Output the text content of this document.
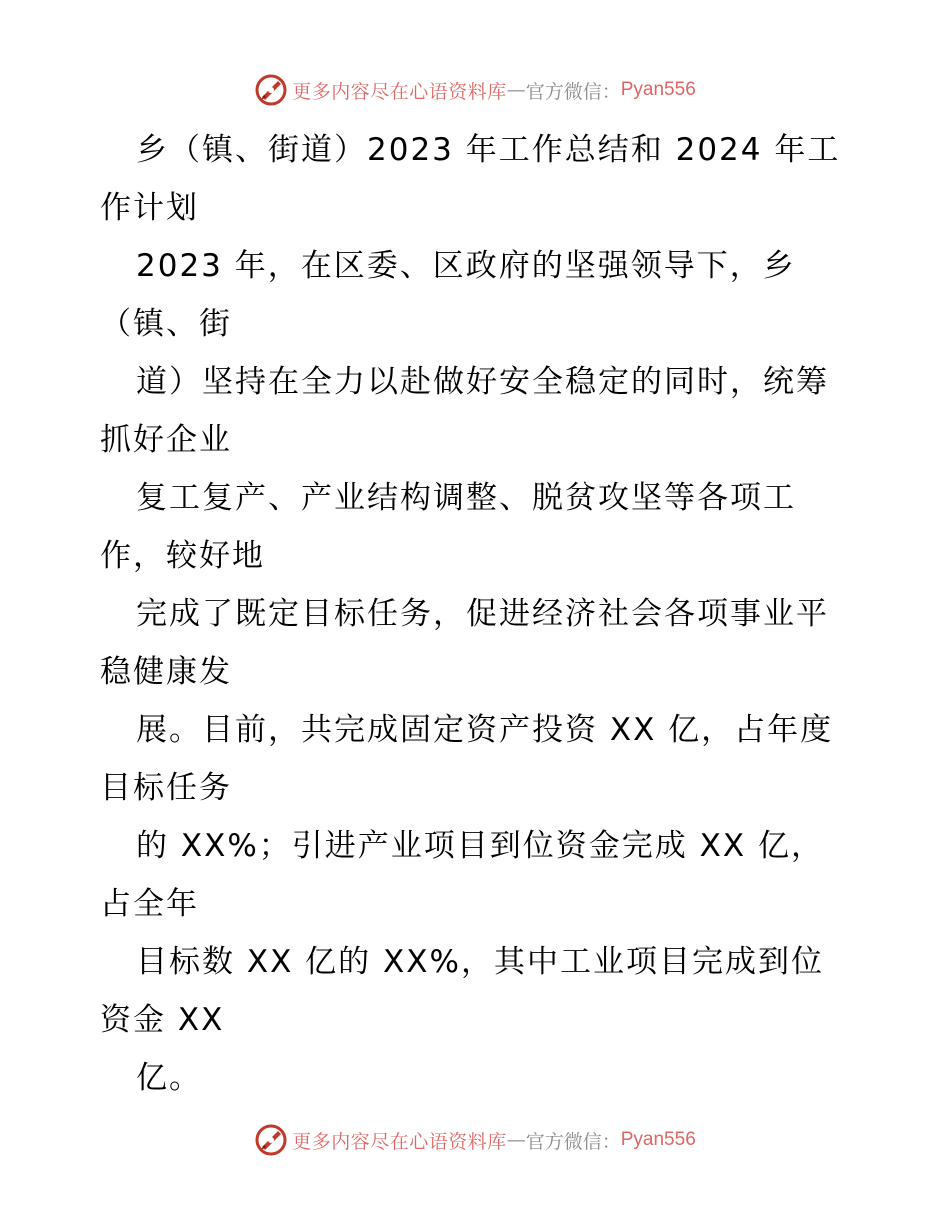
更多内容尽在心语资料库 — 官方微信： Pyan556
乡（镇、街道）2023 年工作总结和 2024 年工
作计划
2023 年，在区委、区政府的坚强领导下，乡
（镇、街
道）坚持在全力以赴做好安全稳定的同时，统筹
抓好企业
复工复产、产业结构调整、脱贫攻坚等各项工
作，较好地
完成了既定目标任务，促进经济社会各项事业平
稳健康发
展。目前，共完成固定资产投资 XX 亿，占年度
目标任务
的 XX%；引进产业项目到位资金完成 XX 亿，
占全年
目标数 XX 亿的 XX%，其中工业项目完成到位
资金 XX
亿。
更多内容尽在心语资料库 — 官方微信： Pyan556
